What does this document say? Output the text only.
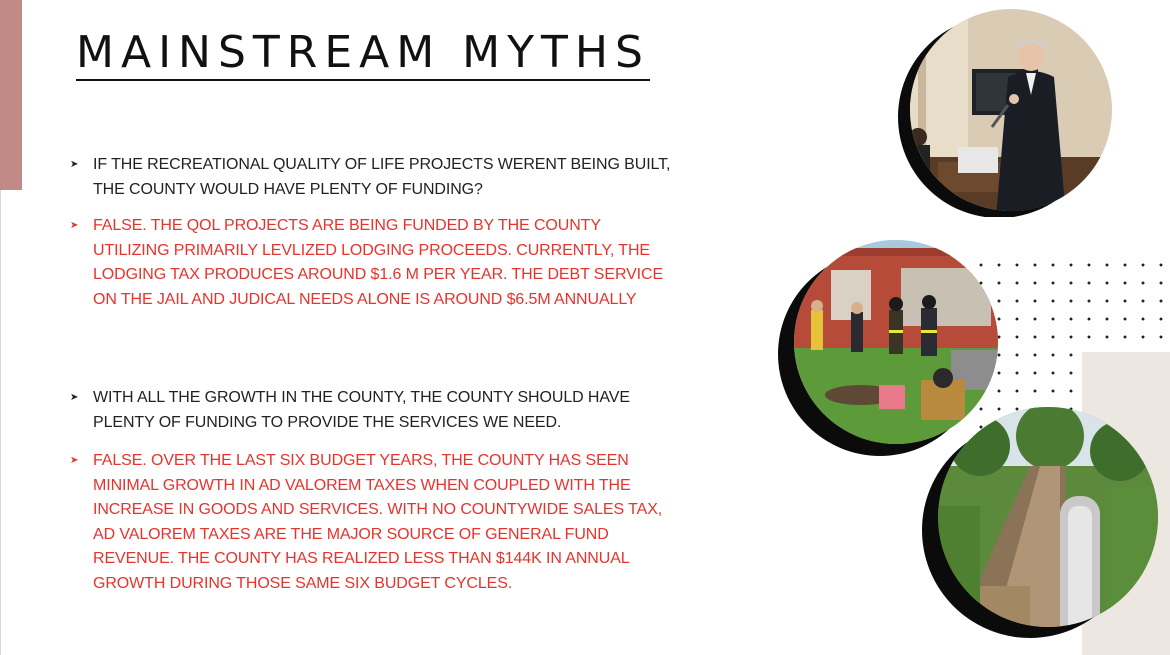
MAINSTREAM MYTHS
➤ IF THE RECREATIONAL QUALITY OF LIFE PROJECTS WERENT BEING BUILT, THE COUNTY WOULD HAVE PLENTY OF FUNDING?
➤ FALSE. THE QOL PROJECTS ARE BEING FUNDED BY THE COUNTY UTILIZING PRIMARILY LEVLIZED LODGING PROCEEDS. CURRENTLY, THE LODGING TAX PRODUCES AROUND $1.6 M PER YEAR. THE DEBT SERVICE ON THE JAIL AND JUDICAL NEEDS ALONE IS AROUND $6.5M ANNUALLY
➤ WITH ALL THE GROWTH IN THE COUNTY, THE COUNTY SHOULD HAVE PLENTY OF FUNDING TO PROVIDE THE SERVICES WE NEED.
➤ FALSE. OVER THE LAST SIX BUDGET YEARS, THE COUNTY HAS SEEN MINIMAL GROWTH IN AD VALOREM TAXES WHEN COUPLED WITH THE INCREASE IN GOODS AND SERVICES. WITH NO COUNTYWIDE SALES TAX, AD VALOREM TAXES ARE THE MAJOR SOURCE OF GENERAL FUND REVENUE. THE COUNTY HAS REALIZED LESS THAN $144K IN ANNUAL GROWTH DURING THOSE SAME SIX BUDGET CYCLES.
